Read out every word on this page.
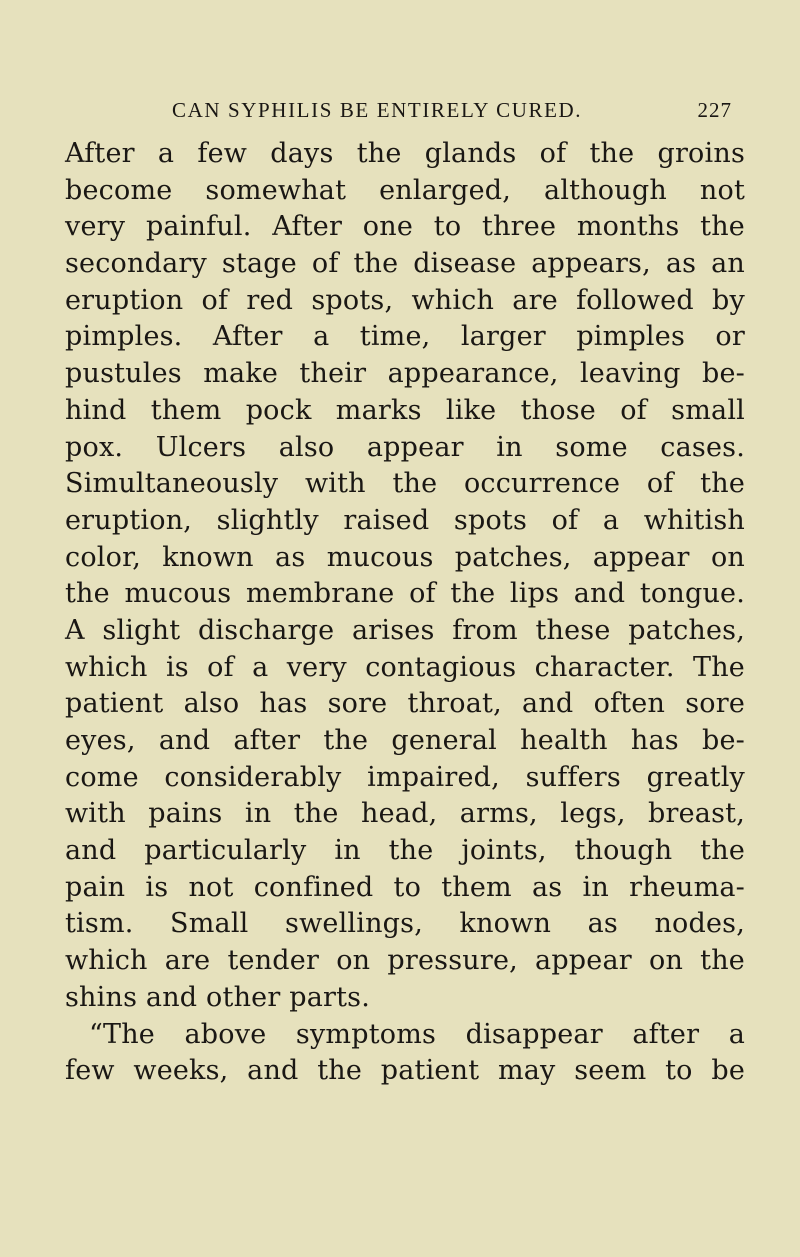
CAN SYPHILIS BE ENTIRELY CURED.	227
After a few days the glands of the groins
become somewhat enlarged, although not
very painful. After one to three months the
secondary stage of the disease appears, as an
eruption of red spots, which are followed by
pimples. After a time, larger pimples or
pustules make their appearance, leaving be-
hind them pock marks like those of small
pox. Ulcers also appear in some cases.
Simultaneously with the occurrence of the
eruption, slightly raised spots of a whitish
color, known as mucous patches, appear on
the mucous membrane of the lips and tongue.
A slight discharge arises from these patches,
which is of a very contagious character. The
patient also has sore throat, and often sore
eyes, and after the general health has be-
come considerably impaired, suffers greatly
with pains in the head, arms, legs, breast,
and particularly in the joints, though the
pain is not confined to them as in rheuma-
tism. Small swellings, known as nodes,
which are tender on pressure, appear on the
shins and other parts.
“The above symptoms disappear after a
few weeks, and the patient may seem to be
